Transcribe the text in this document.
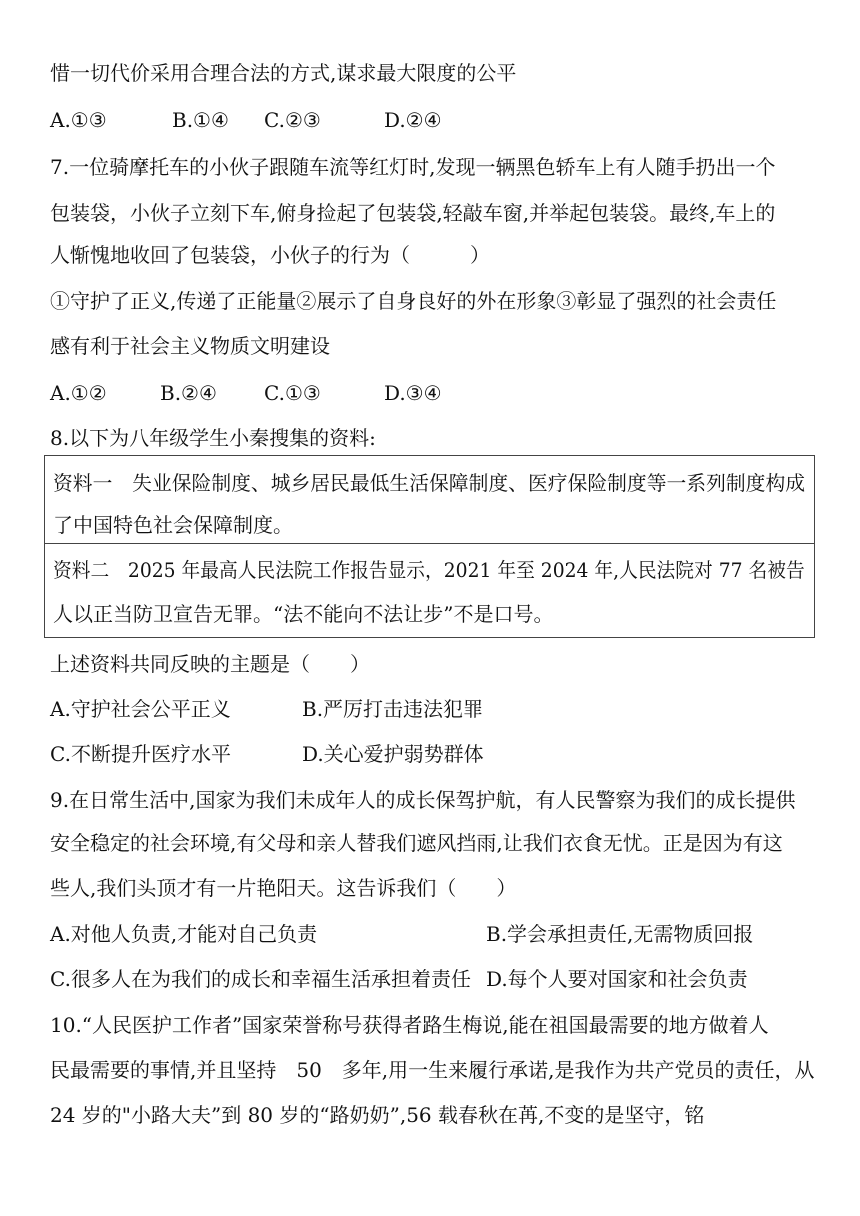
惜一切代价采用合理合法的方式,谋求最大限度的公平
A.①③	B.①④ C.②③	D.②④
7.一位骑摩托车的小伙子跟随车流等红灯时,发现一辆黑色轿车上有人随手扔出一个
包装袋，小伙子立刻下车,俯身捡起了包装袋,轻敲车窗,并举起包装袋。最终,车上的
人惭愧地收回了包装袋，小伙子的行为（　　　）
①守护了正义,传递了正能量②展示了自身良好的外在形象③彰显了强烈的社会责任
感有利于社会主义物质文明建设
A.①②	B.②④ C.①③	D.③④
8.以下为八年级学生小秦搜集的资料:
资料一　失业保险制度、城乡居民最低生活保障制度、医疗保险制度等一系列制度构成
了中国特色社会保障制度。
资料二　2025 年最高人民法院工作报告显示，2021 年至 2024 年,人民法院对 77 名被告
人以正当防卫宣告无罪。“法不能向不法让步”不是口号。
上述资料共同反映的主题是（　　）
A.守护社会公平正义	B.严厉打击违法犯罪
C.不断提升医疗水平	D.关心爱护弱势群体
9.在日常生活中,国家为我们未成年人的成长保驾护航，有人民警察为我们的成长提供
安全稳定的社会环境,有父母和亲人替我们遮风挡雨,让我们衣食无忧。正是因为有这
些人,我们头顶才有一片艳阳天。这告诉我们（　　）
A.对他人负责,才能对自己负责	B.学会承担责任,无需物质回报
C.很多人在为我们的成长和幸福生活承担着责任 D.每个人要对国家和社会负责
10.“人民医护工作者”国家荣誉称号获得者路生梅说,能在祖国最需要的地方做着人
民最需要的事情,并且坚持　50　多年,用一生来履行承诺,是我作为共产党员的责任，从
24 岁的"小路大夫”到 80 岁的“路奶奶”,56 载春秋在苒,不变的是坚守，铭
